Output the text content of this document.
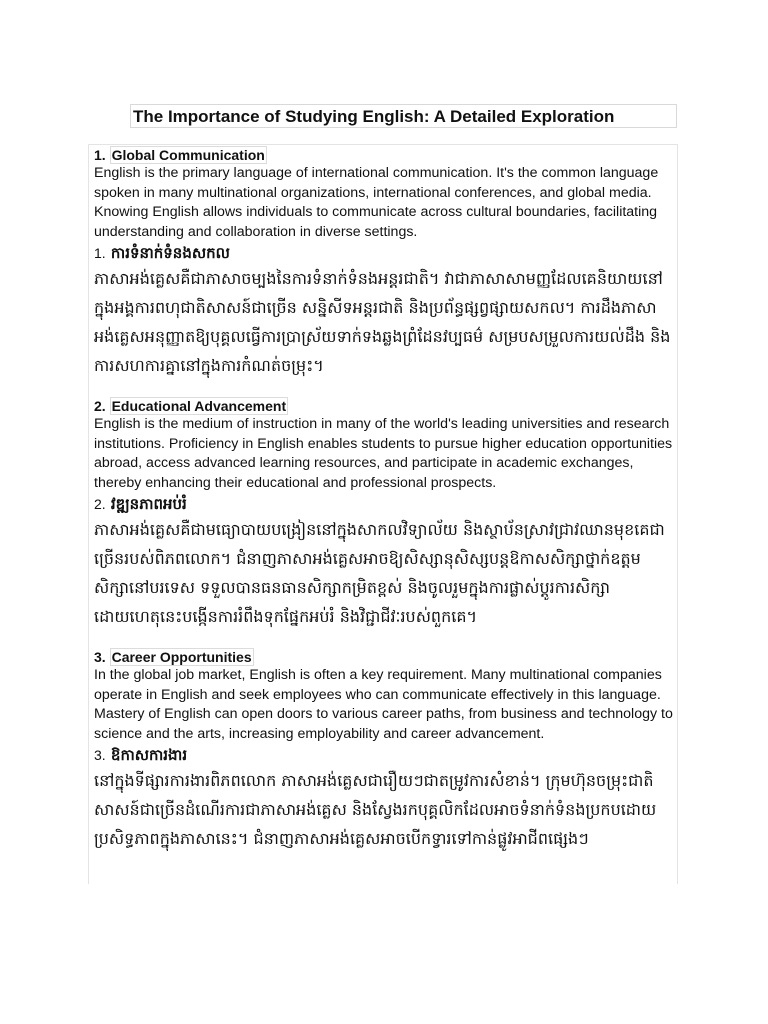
The Importance of Studying English: A Detailed Exploration
1. Global Communication
English is the primary language of international communication. It's the common language spoken in many multinational organizations, international conferences, and global media. Knowing English allows individuals to communicate across cultural boundaries, facilitating understanding and collaboration in diverse settings.
1. ការទំនាក់ទំនងសកល
ភាសាអង់គ្លេសគឺជាភាសាចម្បងនៃការទំនាក់ទំនងអន្តរជាតិ។ វាជាភាសាសាមញ្ញដែលគេនិយាយនៅក្នុងអង្គការពហុជាតិសាសន៍ជាច្រើន សន្និសីទអន្តរជាតិ និងប្រព័ន្ធផ្សព្វផ្សាយសកល។ ការដឹងភាសាអង់គ្លេសអនុញ្ញាតឱ្យបុគ្គលធ្វើការប្រាស្រ័យទាក់ទងឆ្លងព្រំដែនវប្បធម៌ សម្របសម្រួលការយល់ដឹង និងការសហការគ្នានៅក្នុងការកំណត់ចម្រុះ។
2. Educational Advancement
English is the medium of instruction in many of the world's leading universities and research institutions. Proficiency in English enables students to pursue higher education opportunities abroad, access advanced learning resources, and participate in academic exchanges, thereby enhancing their educational and professional prospects.
2. វឌ្ឍនភាពអប់រំ
ភាសាអង់គ្លេសគឺជាមធ្យោបាយបង្រៀននៅក្នុងសាកលវិទ្យាល័យ និងស្ថាប័នស្រាវជ្រាវឈានមុខគេជាច្រើនរបស់ពិភពលោក។ ជំនាញភាសាអង់គ្លេសអាចឱ្យសិស្សានុសិស្សបន្តឱកាសសិក្សាថ្នាក់ឧត្តមសិក្សានៅបរទេស ទទួលបានធនធានសិក្សាកម្រិតខ្ពស់ និងចូលរួមក្នុងការផ្លាស់ប្តូរការសិក្សា ដោយហេតុនេះបង្កើនការរំពឹងទុកផ្នែកអប់រំ និងវិជ្ជាជីវៈរបស់ពួកគេ។
3. Career Opportunities
In the global job market, English is often a key requirement. Many multinational companies operate in English and seek employees who can communicate effectively in this language. Mastery of English can open doors to various career paths, from business and technology to science and the arts, increasing employability and career advancement.
3. ឱកាសការងារ
នៅក្នុងទីផ្សារការងារពិភពលោក ភាសាអង់គ្លេសជារឿយៗជាតម្រូវការសំខាន់។ ក្រុមហ៊ុនចម្រុះជាតិសាសន៍ជាច្រើនដំណើរការជាភាសាអង់គ្លេស និងស្វែងរកបុគ្គលិកដែលអាចទំនាក់ទំនងប្រកបដោយប្រសិទ្ធភាពក្នុងភាសានេះ។ ជំនាញភាសាអង់គ្លេសអាចបើកទ្វារទៅកាន់ផ្លូវអាជីពផ្សេងៗ
